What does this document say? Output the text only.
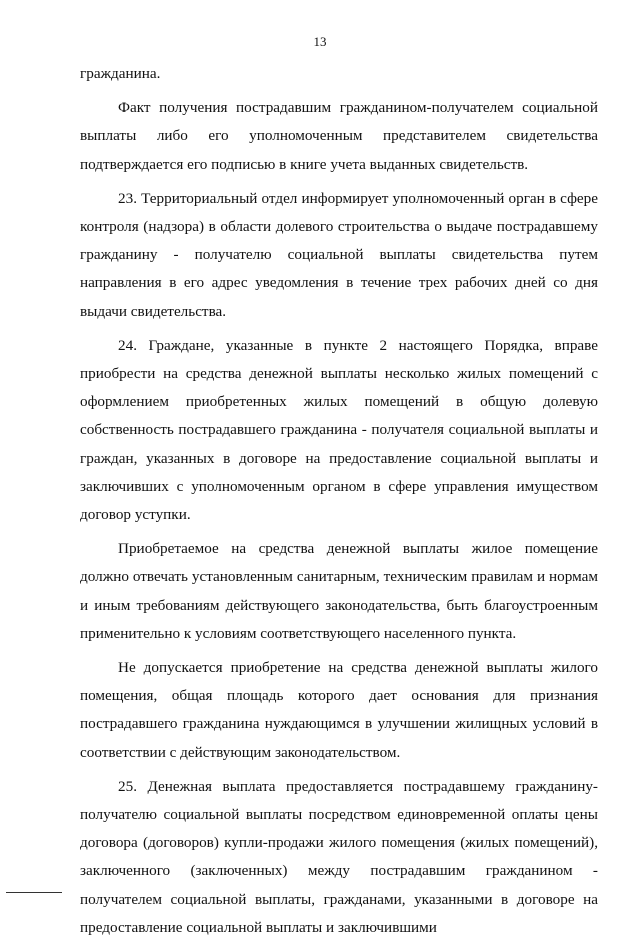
13

гражданина.

Факт получения пострадавшим гражданином-получателем социальной выплаты либо его уполномоченным представителем свидетельства подтверждается его подписью в книге учета выданных свидетельств.

23. Территориальный отдел информирует уполномоченный орган в сфере контроля (надзора) в области долевого строительства о выдаче пострадавшему гражданину - получателю социальной выплаты свидетельства путем направления в его адрес уведомления в течение трех рабочих дней со дня выдачи свидетельства.

24. Граждане, указанные в пункте 2 настоящего Порядка, вправе приобрести на средства денежной выплаты несколько жилых помещений с оформлением приобретенных жилых помещений в общую долевую собственность пострадавшего гражданина - получателя социальной выплаты и граждан, указанных в договоре на предоставление социальной выплаты и заключивших с уполномоченным органом в сфере управления имуществом договор уступки.

Приобретаемое на средства денежной выплаты жилое помещение должно отвечать установленным санитарным, техническим правилам и нормам и иным требованиям действующего законодательства, быть благоустроенным применительно к условиям соответствующего населенного пункта.

Не допускается приобретение на средства денежной выплаты жилого помещения, общая площадь которого дает основания для признания пострадавшего гражданина нуждающимся в улучшении жилищных условий в соответствии с действующим законодательством.

25. Денежная выплата предоставляется пострадавшему гражданину-получателю социальной выплаты посредством единовременной оплаты цены договора (договоров) купли-продажи жилого помещения (жилых помещений), заключенного (заключенных) между пострадавшим гражданином - получателем социальной выплаты, гражданами, указанными в договоре на предоставление социальной выплаты и заключившими
